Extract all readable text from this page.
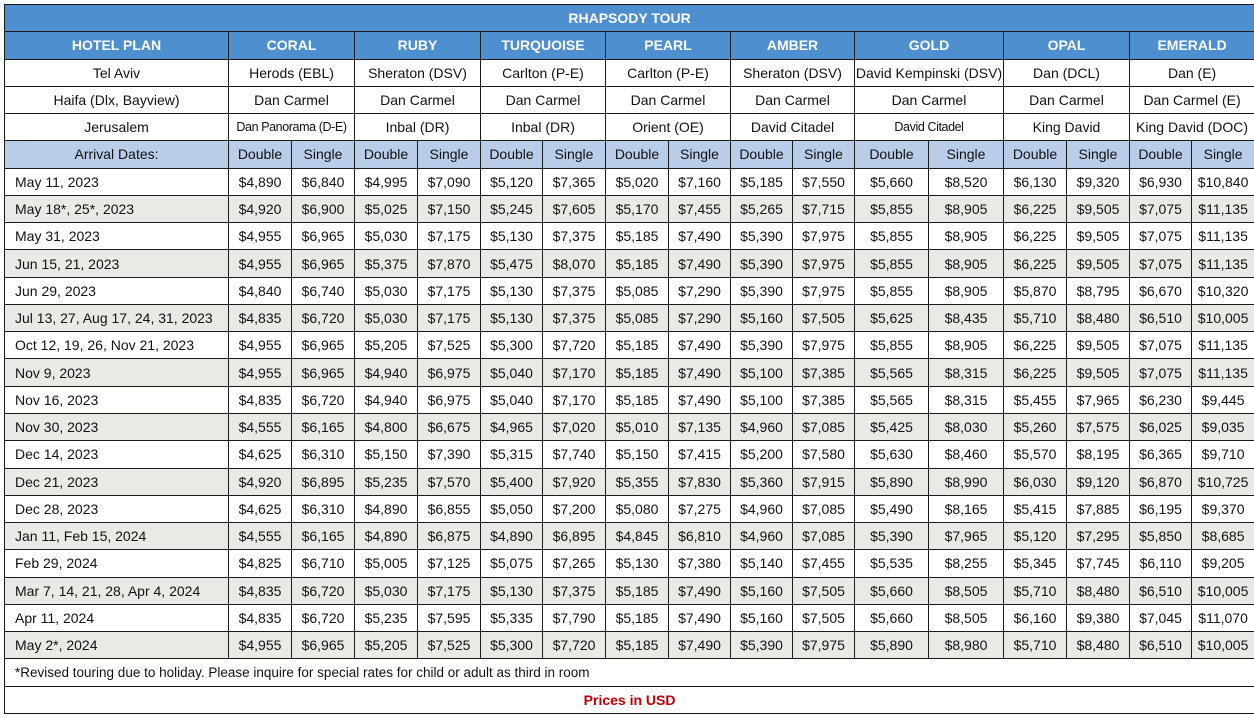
RHAPSODY TOUR																
HOTEL PLAN	CORAL		RUBY		TURQUOISE		PEARL		AMBER		GOLD		OPAL		EMERALD	
Tel Aviv	Herods (EBL)		Sheraton (DSV)		Carlton (P-E)		Carlton (P-E)		Sheraton (DSV)		David Kempinski (DSV)		Dan (DCL)		Dan (E)	
Haifa (Dlx, Bayview)	Dan Carmel		Dan Carmel		Dan Carmel		Dan Carmel		Dan Carmel		Dan Carmel		Dan Carmel		Dan Carmel (E)	
Jerusalem	Dan Panorama (D-E)		Inbal (DR)		Inbal (DR)		Orient (OE)		David Citadel		David Citadel		King David		King David (DOC)	
Arrival Dates:	Double	Single	Double	Single	Double	Single	Double	Single	Double	Single	Double	Single	Double	Single	Double	Single
May 11, 2023	$4,890	$6,840	$4,995	$7,090	$5,120	$7,365	$5,020	$7,160	$5,185	$7,550	$5,660	$8,520	$6,130	$9,320	$6,930	$10,840
May 18*, 25*, 2023	$4,920	$6,900	$5,025	$7,150	$5,245	$7,605	$5,170	$7,455	$5,265	$7,715	$5,855	$8,905	$6,225	$9,505	$7,075	$11,135
May 31, 2023	$4,955	$6,965	$5,030	$7,175	$5,130	$7,375	$5,185	$7,490	$5,390	$7,975	$5,855	$8,905	$6,225	$9,505	$7,075	$11,135
Jun 15, 21, 2023	$4,955	$6,965	$5,375	$7,870	$5,475	$8,070	$5,185	$7,490	$5,390	$7,975	$5,855	$8,905	$6,225	$9,505	$7,075	$11,135
Jun 29, 2023	$4,840	$6,740	$5,030	$7,175	$5,130	$7,375	$5,085	$7,290	$5,390	$7,975	$5,855	$8,905	$5,870	$8,795	$6,670	$10,320
Jul 13, 27, Aug 17, 24, 31, 2023	$4,835	$6,720	$5,030	$7,175	$5,130	$7,375	$5,085	$7,290	$5,160	$7,505	$5,625	$8,435	$5,710	$8,480	$6,510	$10,005
Oct 12, 19, 26, Nov 21, 2023	$4,955	$6,965	$5,205	$7,525	$5,300	$7,720	$5,185	$7,490	$5,390	$7,975	$5,855	$8,905	$6,225	$9,505	$7,075	$11,135
Nov 9, 2023	$4,955	$6,965	$4,940	$6,975	$5,040	$7,170	$5,185	$7,490	$5,100	$7,385	$5,565	$8,315	$6,225	$9,505	$7,075	$11,135
Nov 16, 2023	$4,835	$6,720	$4,940	$6,975	$5,040	$7,170	$5,185	$7,490	$5,100	$7,385	$5,565	$8,315	$5,455	$7,965	$6,230	$9,445
Nov 30, 2023	$4,555	$6,165	$4,800	$6,675	$4,965	$7,020	$5,010	$7,135	$4,960	$7,085	$5,425	$8,030	$5,260	$7,575	$6,025	$9,035
Dec 14, 2023	$4,625	$6,310	$5,150	$7,390	$5,315	$7,740	$5,150	$7,415	$5,200	$7,580	$5,630	$8,460	$5,570	$8,195	$6,365	$9,710
Dec 21, 2023	$4,920	$6,895	$5,235	$7,570	$5,400	$7,920	$5,355	$7,830	$5,360	$7,915	$5,890	$8,990	$6,030	$9,120	$6,870	$10,725
Dec 28, 2023	$4,625	$6,310	$4,890	$6,855	$5,050	$7,200	$5,080	$7,275	$4,960	$7,085	$5,490	$8,165	$5,415	$7,885	$6,195	$9,370
Jan 11, Feb 15, 2024	$4,555	$6,165	$4,890	$6,875	$4,890	$6,895	$4,845	$6,810	$4,960	$7,085	$5,390	$7,965	$5,120	$7,295	$5,850	$8,685
Feb 29, 2024	$4,825	$6,710	$5,005	$7,125	$5,075	$7,265	$5,130	$7,380	$5,140	$7,455	$5,535	$8,255	$5,345	$7,745	$6,110	$9,205
Mar 7, 14, 21, 28, Apr 4, 2024	$4,835	$6,720	$5,030	$7,175	$5,130	$7,375	$5,185	$7,490	$5,160	$7,505	$5,660	$8,505	$5,710	$8,480	$6,510	$10,005
Apr 11, 2024	$4,835	$6,720	$5,235	$7,595	$5,335	$7,790	$5,185	$7,490	$5,160	$7,505	$5,660	$8,505	$6,160	$9,380	$7,045	$11,070
May 2*, 2024	$4,955	$6,965	$5,205	$7,525	$5,300	$7,720	$5,185	$7,490	$5,390	$7,975	$5,890	$8,980	$5,710	$8,480	$6,510	$10,005
*Revised touring due to holiday. Please inquire for special rates for child or adult as third in room																
Prices in USD																
